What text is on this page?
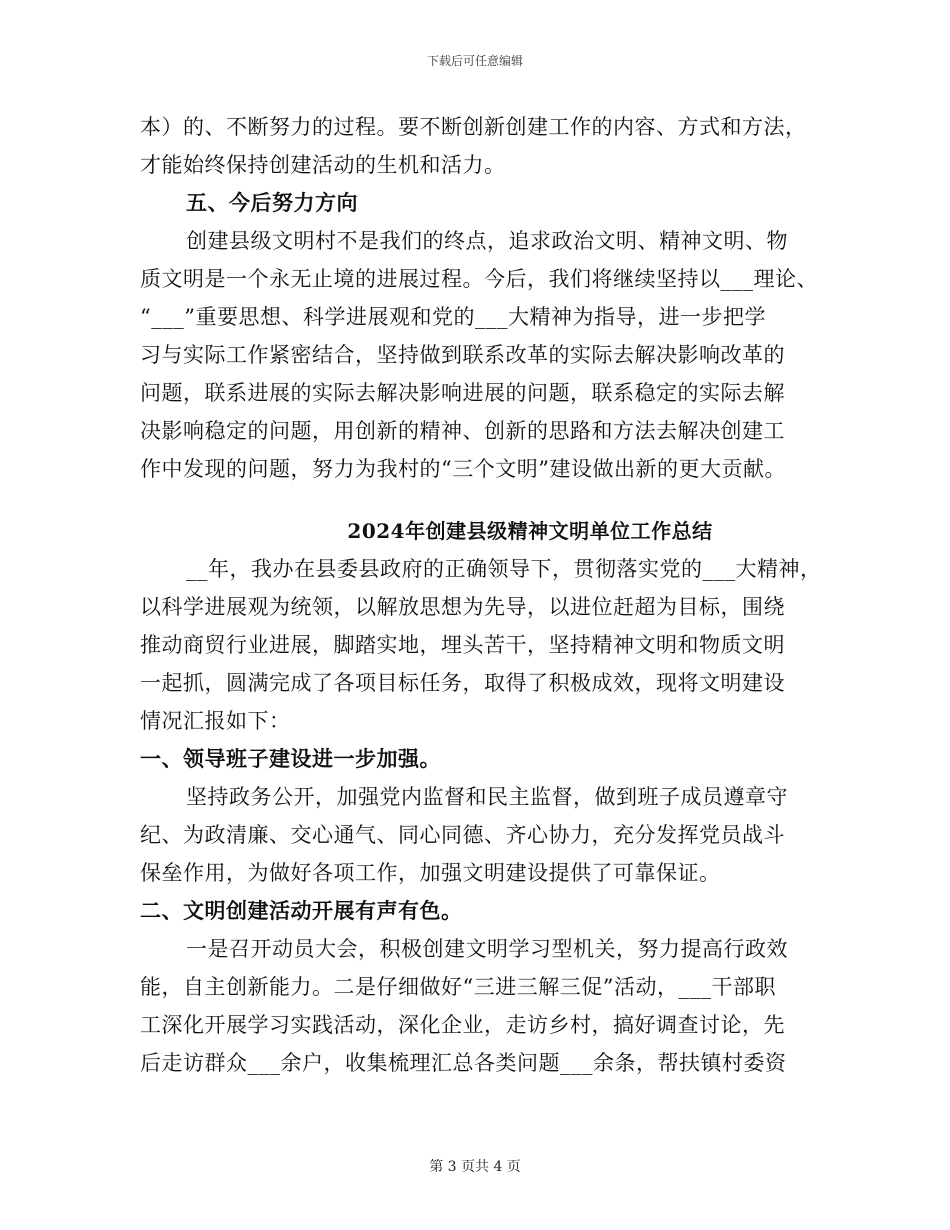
下载后可任意编辑
本）的、不断努力的过程。要不断创新创建工作的内容、方式和方法，
才能始终保持创建活动的生机和活力。
五、今后努力方向
创建县级文明村不是我们的终点，追求政治文明、精神文明、物
质文明是一个永无止境的进展过程。今后，我们将继续坚持以___理论、
“___”重要思想、科学进展观和党的___大精神为指导，进一步把学
习与实际工作紧密结合，坚持做到联系改革的实际去解决影响改革的
问题，联系进展的实际去解决影响进展的问题，联系稳定的实际去解
决影响稳定的问题，用创新的精神、创新的思路和方法去解决创建工
作中发现的问题，努力为我村的“三个文明”建设做出新的更大贡献。
2024年创建县级精神文明单位工作总结
__年，我办在县委县政府的正确领导下，贯彻落实党的___大精神，
以科学进展观为统领，以解放思想为先导，以进位赶超为目标，围绕
推动商贸行业进展，脚踏实地，埋头苦干，坚持精神文明和物质文明
一起抓，圆满完成了各项目标任务，取得了积极成效，现将文明建设
情况汇报如下：
一、领导班子建设进一步加强。
坚持政务公开，加强党内监督和民主监督，做到班子成员遵章守
纪、为政清廉、交心通气、同心同德、齐心协力，充分发挥党员战斗
保垒作用，为做好各项工作，加强文明建设提供了可靠保证。
二、文明创建活动开展有声有色。
一是召开动员大会，积极创建文明学习型机关，努力提高行政效
能，自主创新能力。二是仔细做好“三进三解三促”活动，___干部职
工深化开展学习实践活动，深化企业，走访乡村，搞好调查讨论，先
后走访群众___余户，收集梳理汇总各类问题___余条，帮扶镇村委资
第 3 页共 4 页
